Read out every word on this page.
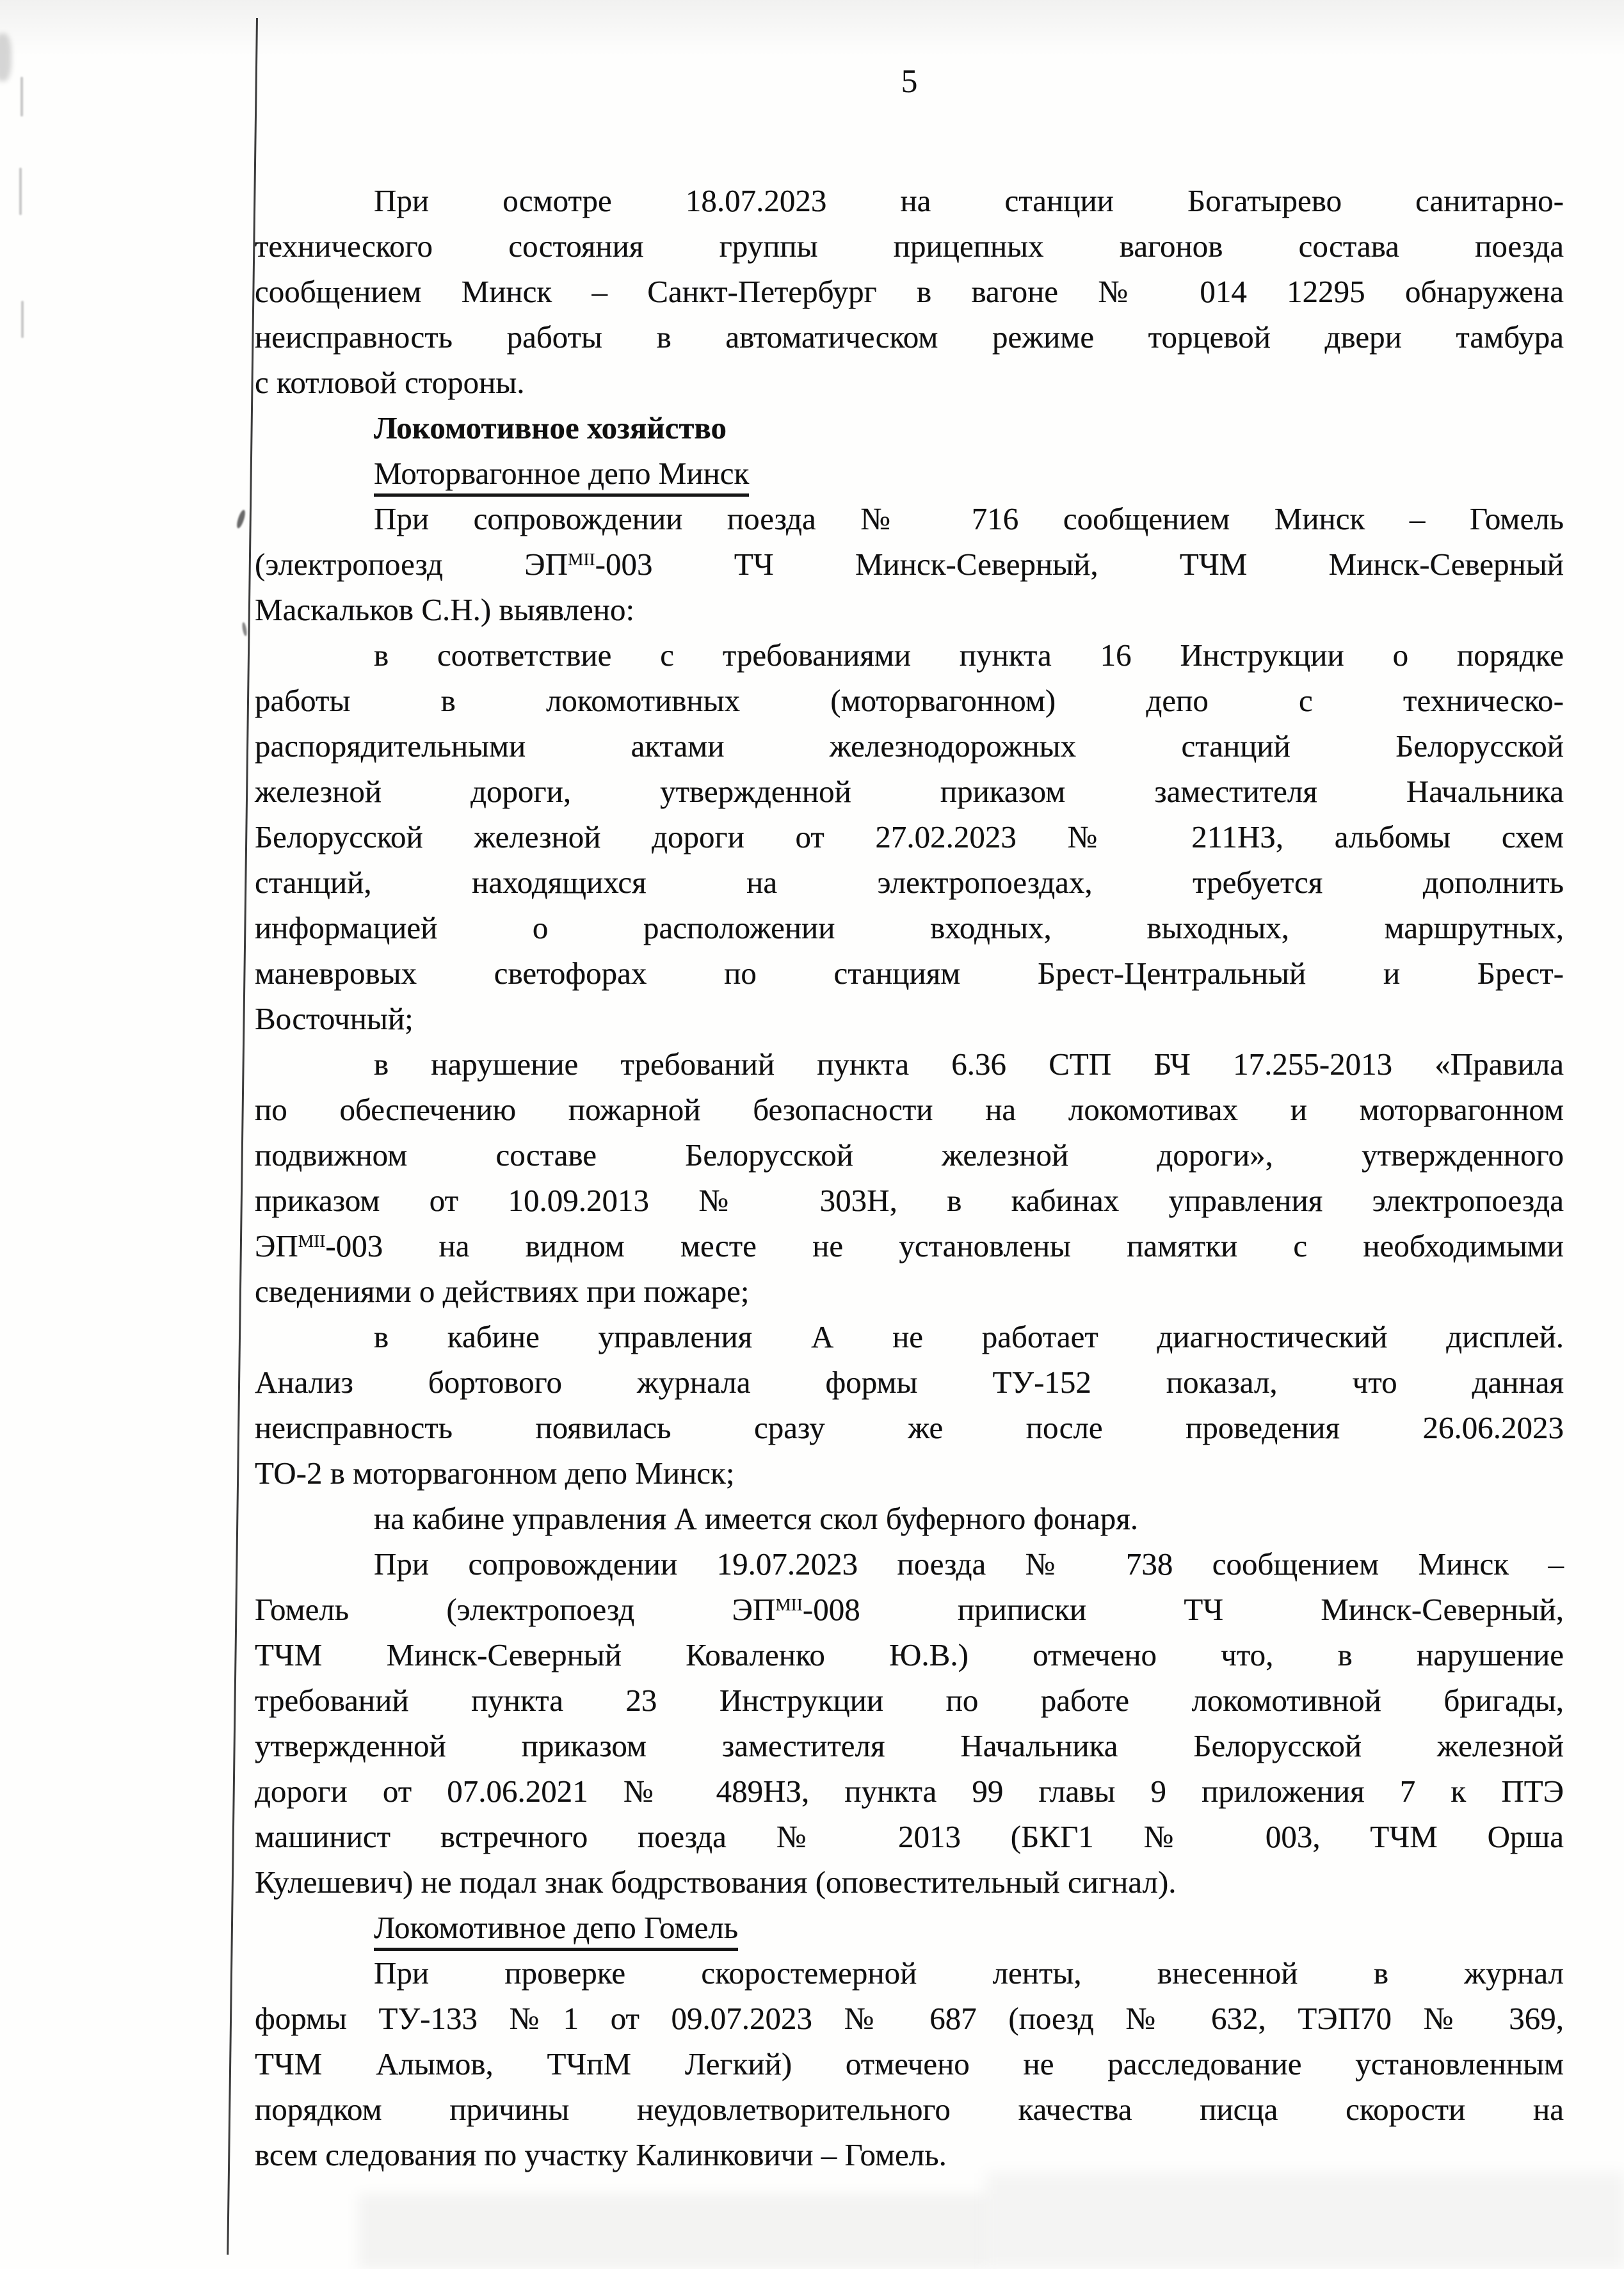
5
При осмотре 18.07.2023 на станции Богатырево санитарно-
технического состояния группы прицепных вагонов состава поезда
сообщением Минск – Санкт-Петербург в вагоне № 014 12295 обнаружена
неисправность работы в автоматическом режиме торцевой двери тамбура
с котловой стороны.
Локомотивное хозяйство
Моторвагонное депо Минск
При сопровождении поезда № 716 сообщением Минск – Гомель
(электропоезд $ЭП^{МII}-003$ ТЧ Минск-Северный, ТЧМ Минск-Северный
Маскальков С.Н.) выявлено:
в соответствие с требованиями пункта 16 Инструкции о порядке
работы в локомотивных (моторвагонном) депо с техническо-
распорядительными актами железнодорожных станций Белорусской
железной дороги, утвержденной приказом заместителя Начальника
Белорусской железной дороги от 27.02.2023 № 211НЗ, альбомы схем
станций, находящихся на электропоездах, требуется дополнить
информацией о расположении входных, выходных, маршрутных,
маневровых светофорах по станциям Брест-Центральный и Брест-
Восточный;
в нарушение требований пункта 6.36 СТП БЧ 17.255-2013 «Правила
по обеспечению пожарной безопасности на локомотивах и моторвагонном
подвижном составе Белорусской железной дороги», утвержденного
приказом от 10.09.2013 № 303Н, в кабинах управления электропоезда
$ЭП^{МII}-003$ на видном месте не установлены памятки с необходимыми
сведениями о действиях при пожаре;
в кабине управления А не работает диагностический дисплей.
Анализ бортового журнала формы ТУ-152 показал, что данная
неисправность появилась сразу же после проведения 26.06.2023
ТО-2 в моторвагонном депо Минск;
на кабине управления А имеется скол буферного фонаря.
При сопровождении 19.07.2023 поезда № 738 сообщением Минск –
Гомель (электропоезд $ЭП^{МII}-008$ приписки ТЧ Минск-Северный,
ТЧМ Минск-Северный Коваленко Ю.В.) отмечено что, в нарушение
требований пункта 23 Инструкции по работе локомотивной бригады,
утвержденной приказом заместителя Начальника Белорусской железной
дороги от 07.06.2021 № 489НЗ, пункта 99 главы 9 приложения 7 к ПТЭ
машинист встречного поезда № 2013 (БКГ1 № 003, ТЧМ Орша
Кулешевич) не подал знак бодрствования (оповестительный сигнал).
Локомотивное депо Гомель
При проверке скоростемерной ленты, внесенной в журнал
формы ТУ-133 №1 от 09.07.2023 № 687 (поезд № 632, ТЭП70 № 369,
ТЧМ Алымов, ТЧпМ Легкий) отмечено не расследование установленным
порядком причины неудовлетворительного качества писца скорости на
всем следования по участку Калинковичи – Гомель.
